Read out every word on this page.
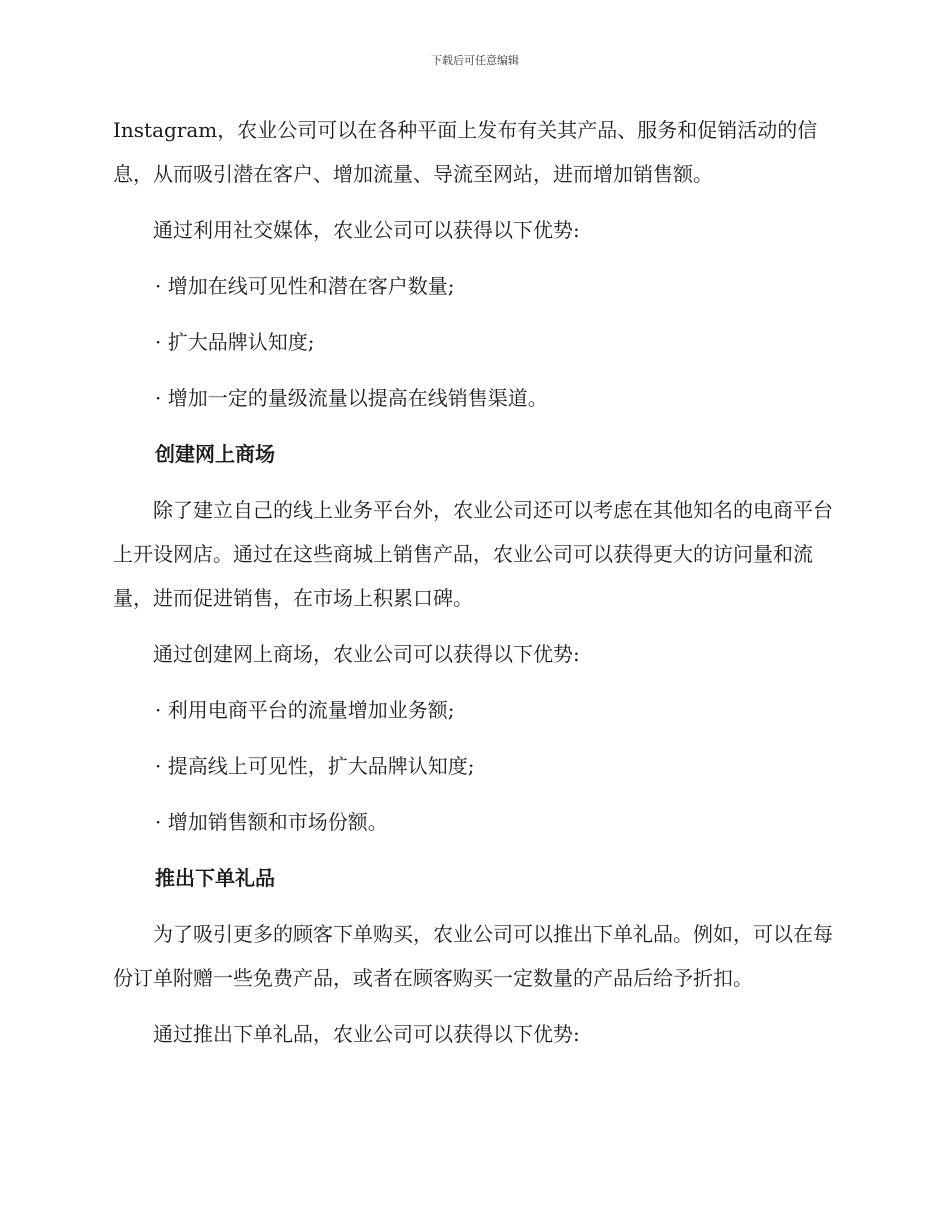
下载后可任意编辑

Instagram，农业公司可以在各种平面上发布有关其产品、服务和促销活动的信息，从而吸引潜在客户、增加流量、导流至网站，进而增加销售额。

通过利用社交媒体，农业公司可以获得以下优势:

· 增加在线可见性和潜在客户数量;

· 扩大品牌认知度;

· 增加一定的量级流量以提高在线销售渠道。

创建网上商场

除了建立自己的线上业务平台外，农业公司还可以考虑在其他知名的电商平台上开设网店。通过在这些商城上销售产品，农业公司可以获得更大的访问量和流量，进而促进销售，在市场上积累口碑。

通过创建网上商场，农业公司可以获得以下优势:

· 利用电商平台的流量增加业务额;

· 提高线上可见性，扩大品牌认知度;

· 增加销售额和市场份额。

推出下单礼品

为了吸引更多的顾客下单购买，农业公司可以推出下单礼品。例如，可以在每份订单附赠一些免费产品，或者在顾客购买一定数量的产品后给予折扣。

通过推出下单礼品，农业公司可以获得以下优势:
